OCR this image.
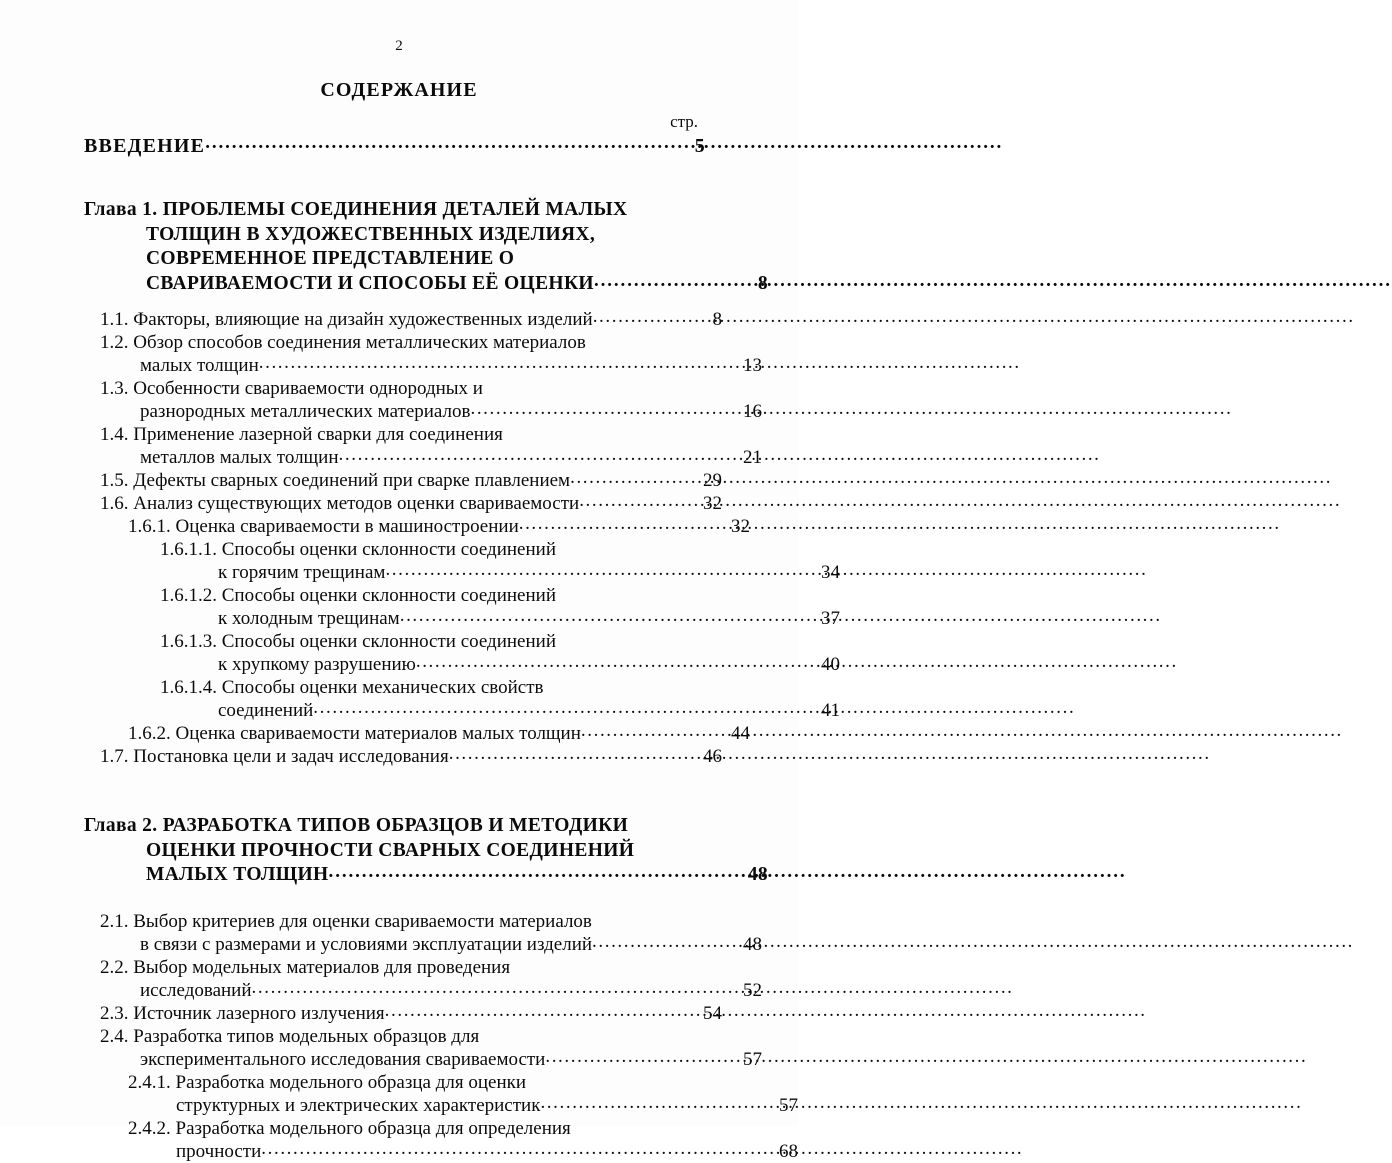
2
СОДЕРЖАНИЕ
стр.
ВВЕДЕНИЕ .....	5
Глава 1. ПРОБЛЕМЫ СОЕДИНЕНИЯ ДЕТАЛЕЙ МАЛЫХ
ТОЛЩИН В ХУДОЖЕСТВЕННЫХ ИЗДЕЛИЯХ,
СОВРЕМЕННОЕ ПРЕДСТАВЛЕНИЕ О
СВАРИВАЕМОСТИ И СПОСОБЫ ЕЁ ОЦЕНКИ .....	8
1.1. Факторы, влияющие на дизайн художественных изделий .....	8
1.2. Обзор способов соединения металлических материалов
малых толщин .....	13
1.3. Особенности свариваемости однородных и
разнородных металлических материалов .....	16
1.4. Применение лазерной сварки для соединения
металлов малых толщин .....	21
1.5. Дефекты сварных соединений при сварке плавлением .....	29
1.6. Анализ существующих методов оценки свариваемости .....	32
1.6.1. Оценка свариваемости в машиностроении .....	32
1.6.1.1. Способы оценки склонности соединений
к горячим трещинам .....	34
1.6.1.2. Способы оценки склонности соединений
к холодным трещинам .....	37
1.6.1.3. Способы оценки склонности соединений
к хрупкому разрушению .....	40
1.6.1.4. Способы оценки механических свойств
соединений .....	41
1.6.2. Оценка свариваемости материалов малых толщин .....	44
1.7. Постановка цели и задач исследования .....	46
Глава 2. РАЗРАБОТКА ТИПОВ ОБРАЗЦОВ И МЕТОДИКИ
ОЦЕНКИ ПРОЧНОСТИ СВАРНЫХ СОЕДИНЕНИЙ
МАЛЫХ ТОЛЩИН .....	48
2.1. Выбор критериев для оценки свариваемости материалов
в связи с размерами и условиями эксплуатации изделий .....	48
2.2. Выбор модельных материалов для проведения
исследований .....	52
2.3. Источник лазерного излучения .....	54
2.4. Разработка типов модельных образцов для
экспериментального исследования свариваемости .....	57
2.4.1. Разработка модельного образца для оценки
структурных и электрических характеристик .....	57
2.4.2. Разработка модельного образца для определения
прочности .....	68
